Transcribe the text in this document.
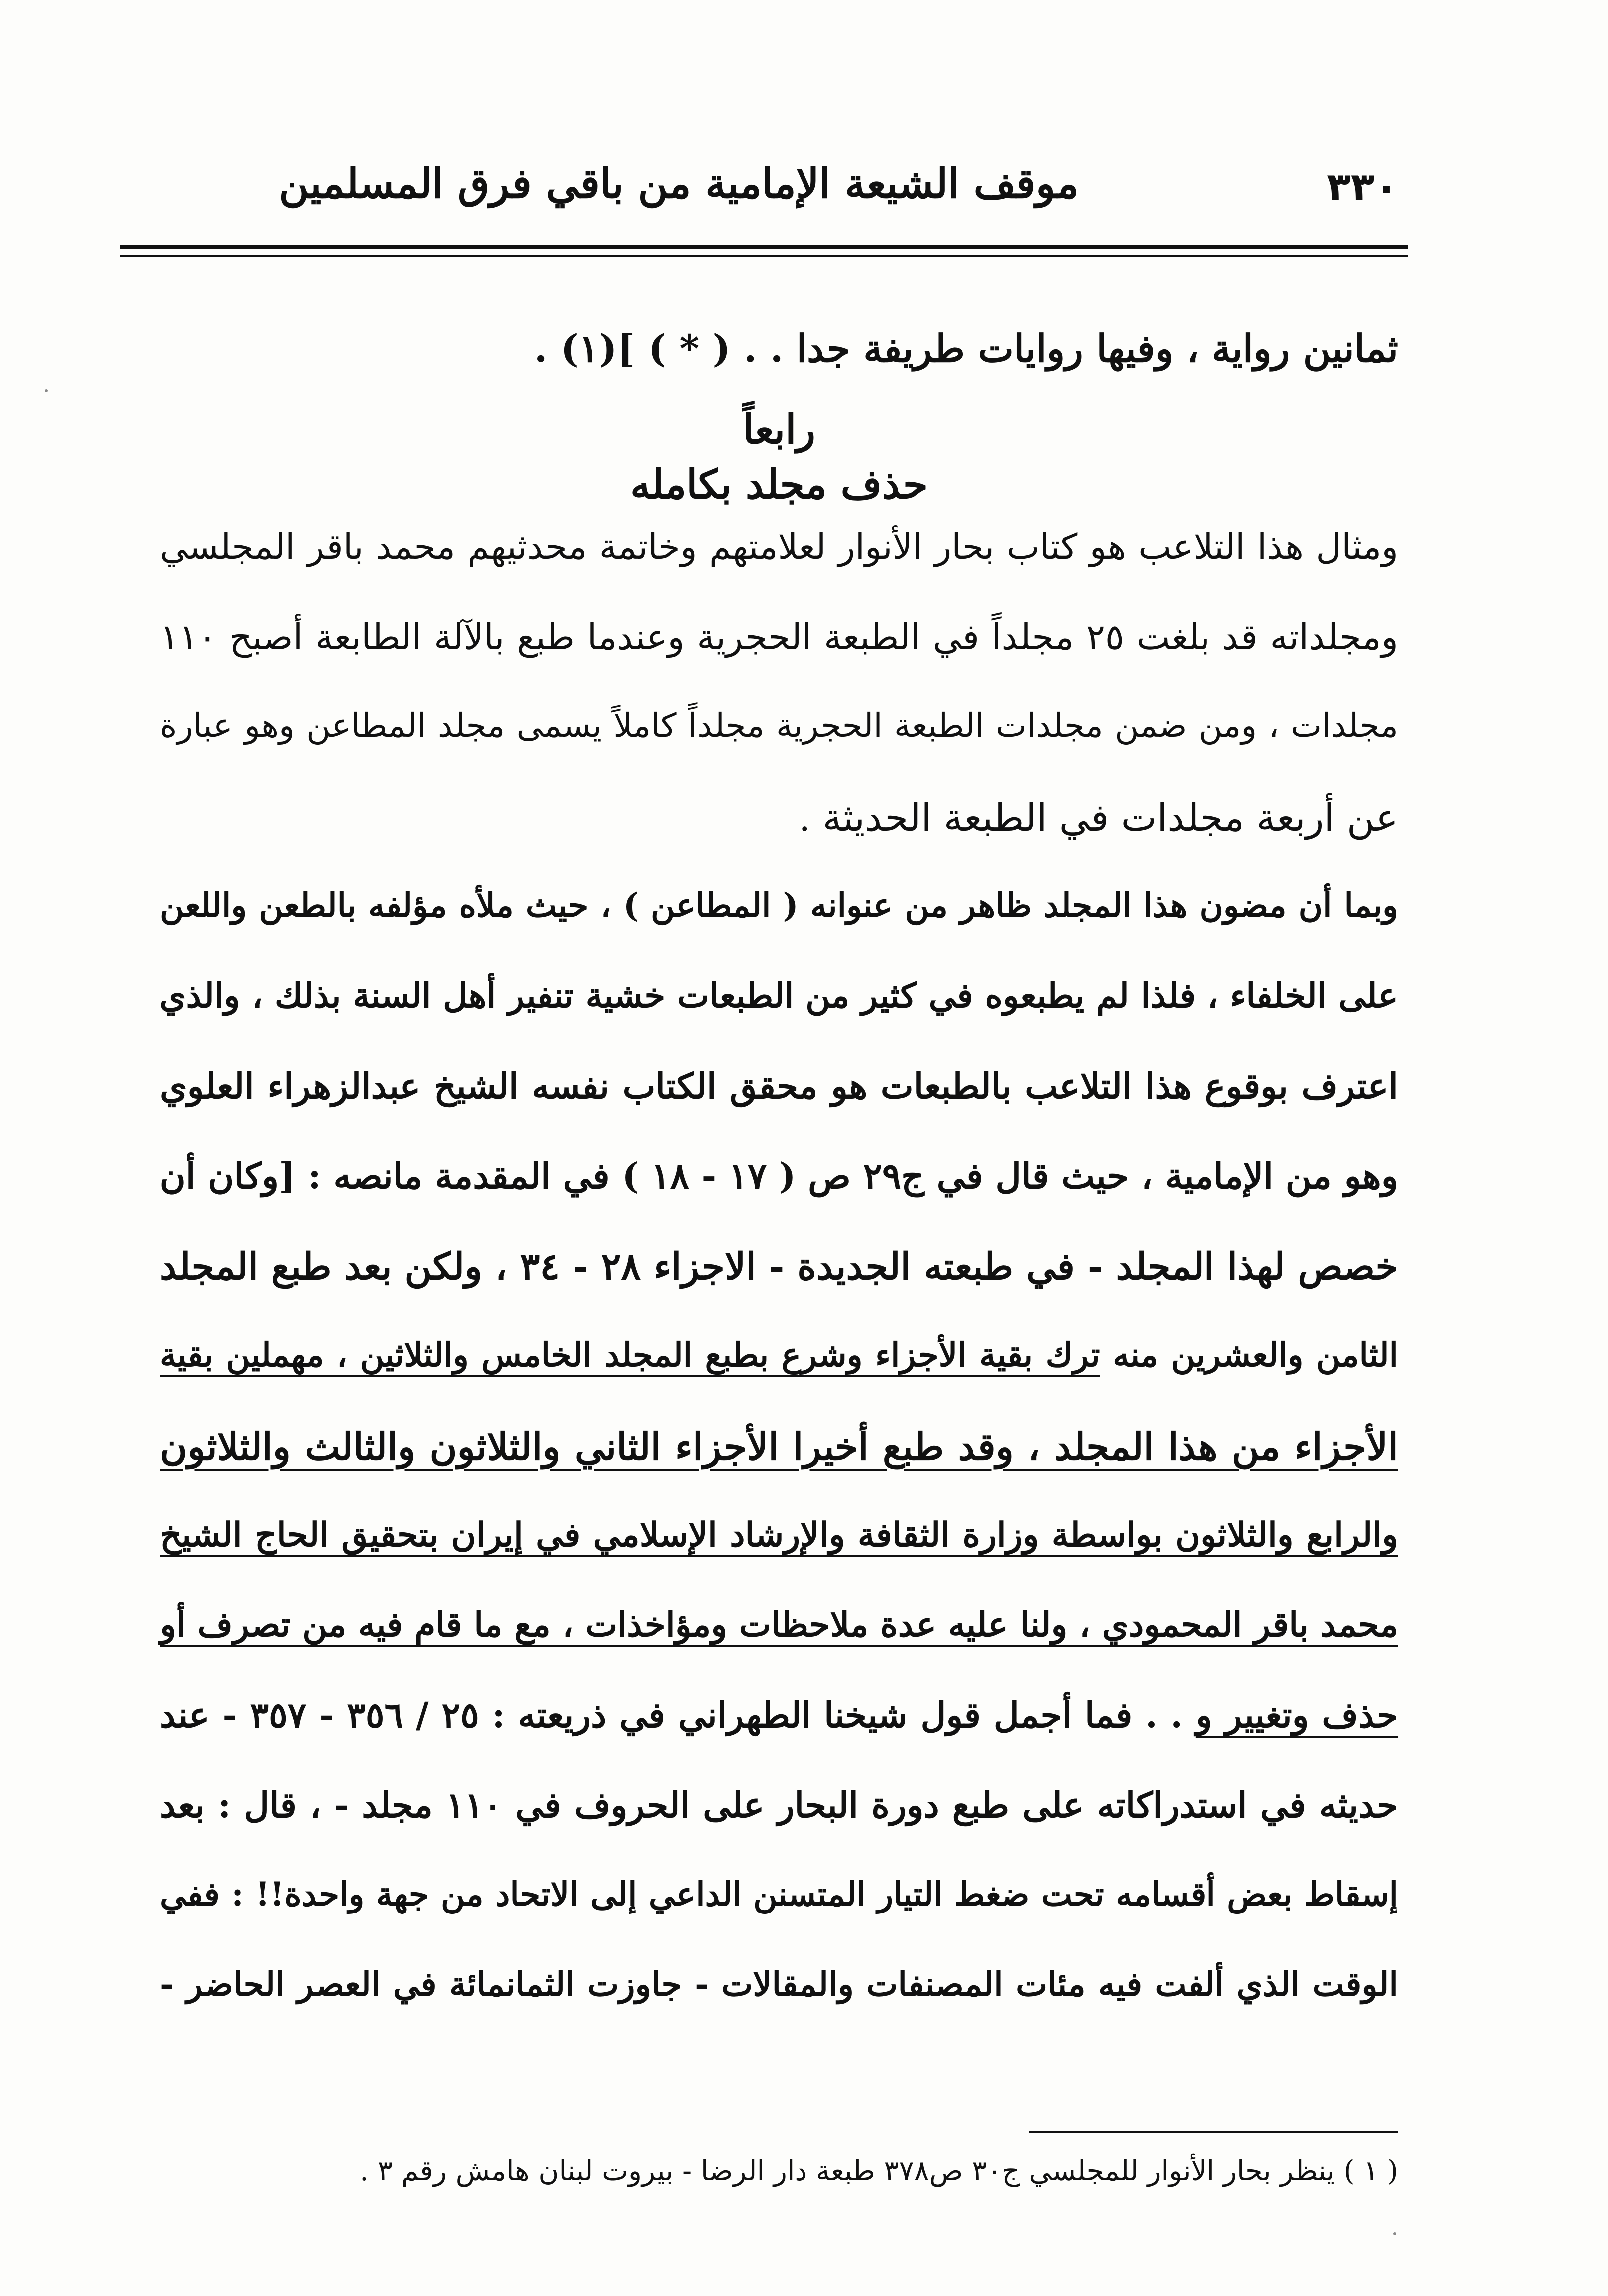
٣٣٠
موقف الشيعة الإمامية من باقي فرق المسلمين
ثمانين رواية ، وفيها روايات طريفة جدا . . ( * ) ](١) .
رابعاً
حذف مجلد بكامله
ومثال هذا التلاعب هو كتاب بحار الأنوار لعلامتهم وخاتمة محدثيهم محمد باقر المجلسي
ومجلداته قد بلغت ٢٥ مجلداً في الطبعة الحجرية وعندما طبع بالآلة الطابعة أصبح ١١٠
مجلدات ، ومن ضمن مجلدات الطبعة الحجرية مجلداً كاملاً يسمى مجلد المطاعن وهو عبارة
عن أربعة مجلدات في الطبعة الحديثة .
وبما أن مضون هذا المجلد ظاهر من عنوانه ( المطاعن ) ، حيث ملأه مؤلفه بالطعن واللعن
على الخلفاء ، فلذا لم يطبعوه في كثير من الطبعات خشية تنفير أهل السنة بذلك ، والذي
اعترف بوقوع هذا التلاعب بالطبعات هو محقق الكتاب نفسه الشيخ عبدالزهراء العلوي
وهو من الإمامية ، حيث قال في ج٢٩ ص ( ١٧ - ١٨ ) في المقدمة مانصه : [وكان أن
خصص لهذا المجلد - في طبعته الجديدة - الاجزاء ٢٨ - ٣٤ ، ولكن بعد طبع المجلد
الثامن والعشرين منه ترك بقية الأجزاء وشرع بطبع المجلد الخامس والثلاثين ، مهملين بقية
الأجزاء من هذا المجلد ، وقد طبع أخيرا الأجزاء الثاني والثلاثون والثالث والثلاثون
والرابع والثلاثون بواسطة وزارة الثقافة والإرشاد الإسلامي في إيران بتحقيق الحاج الشيخ
محمد باقر المحمودي ، ولنا عليه عدة ملاحظات ومؤاخذات ، مع ما قام فيه من تصرف أو
حذف وتغيير و . . فما أجمل قول شيخنا الطهراني في ذريعته : ٢٥ / ٣٥٦ - ٣٥٧ - عند
حديثه في استدراكاته على طبع دورة البحار على الحروف في ١١٠ مجلد - ، قال : بعد
إسقاط بعض أقسامه تحت ضغط التيار المتسنن الداعي إلى الاتحاد من جهة واحدة!! : ففي
الوقت الذي ألفت فيه مئات المصنفات والمقالات - جاوزت الثمانمائة في العصر الحاضر -
( ١ ) ينظر بحار الأنوار للمجلسي ج٣٠ ص٣٧٨ طبعة دار الرضا - بيروت لبنان هامش رقم ٣ .
